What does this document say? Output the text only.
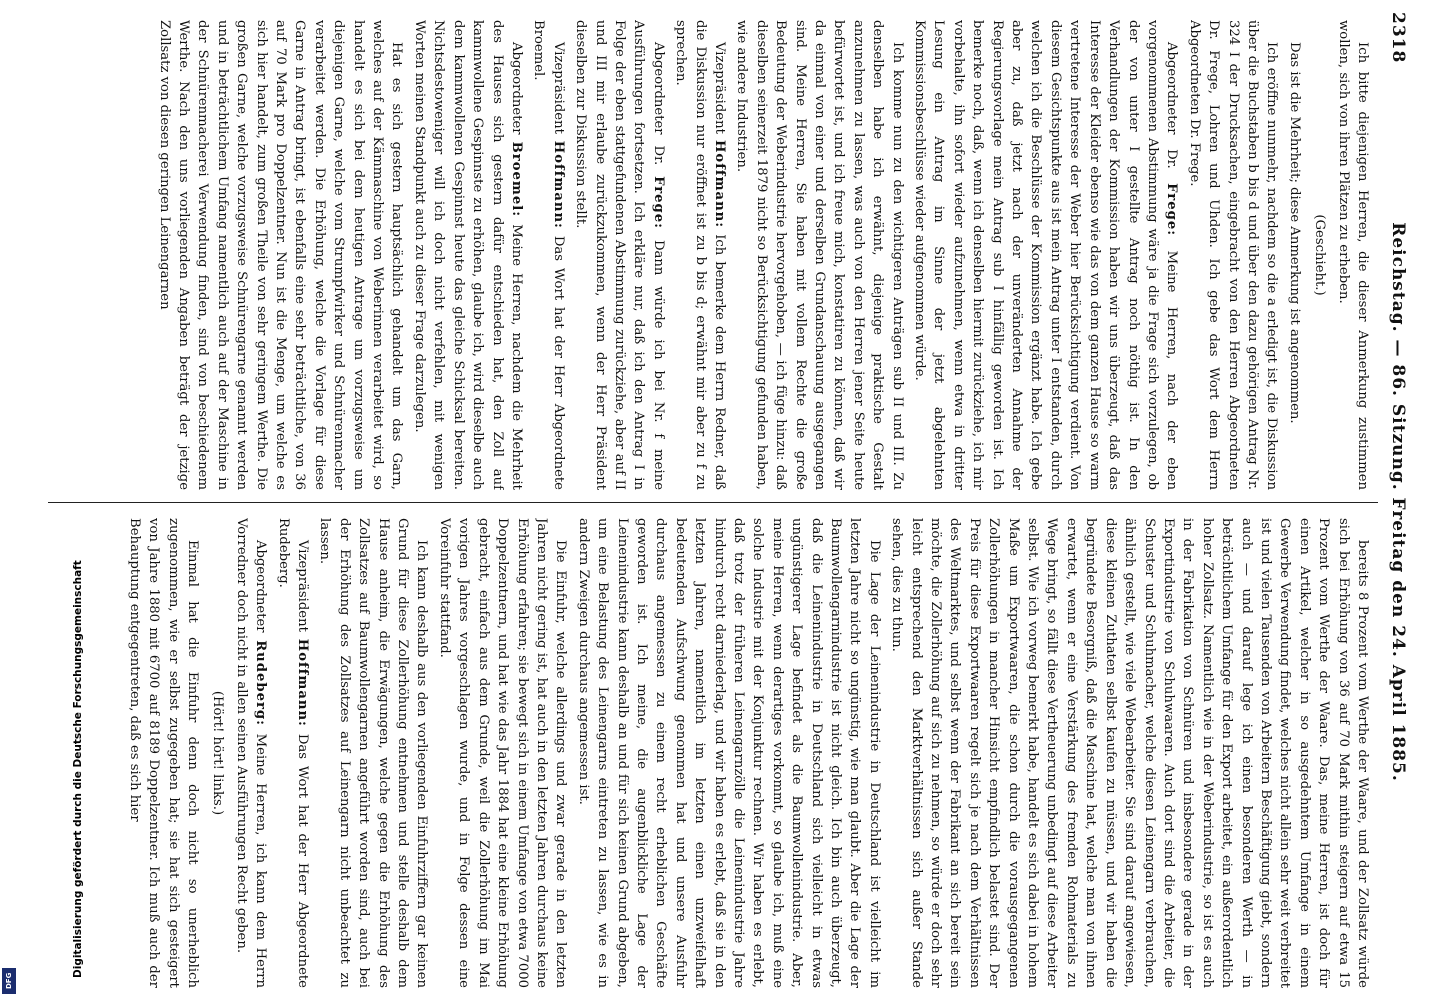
2318
Reichstag. — 86. Sitzung. Freitag den 24. April 1885.

Ich bitte diejenigen Herren, die dieser Anmerkung zustimmen wollen, sich von ihren Plätzen zu erheben.

(Geschieht.)

Das ist die Mehrheit; diese Anmerkung ist angenommen.

Ich eröffne nunmehr, nachdem so die a erledigt ist, die Diskussion über die Buchstaben b bis d und über den dazu gehörigen Antrag Nr. 324 I der Drucksachen, eingebracht von den Herren Abgeordneten Dr. Frege, Lohren und Uhden. Ich gebe das Wort dem Herrn Abgeordneten Dr. Frege.

Abgeordneter Dr. Frege: Meine Herren, nach der eben vorgenommenen Abstimmung wäre ja die Frage sich vorzulegen, ob der von unter I gestellte Antrag noch nöthig ist. In den Verhandlungen der Kommission haben wir uns überzeugt, daß das Interesse der Kleider ebenso wie das von dem ganzen Hause so warm vertretene Interesse der Weber hier Berücksichtigung verdient. Von diesem Gesichtspunkte aus ist mein Antrag unter I entstanden, durch welchen ich die Beschlüsse der Kommission ergänzt habe. Ich gebe aber zu, daß jetzt nach der unveränderten Annahme der Regierungsvorlage mein Antrag sub I hinfällig geworden ist. Ich bemerke noch, daß, wenn ich denselben hiermit zurückziehe, ich mir vorbehalte, ihn sofort wieder aufzunehmen, wenn etwa in dritter Lesung ein Antrag im Sinne der jetzt abgelehnten Kommissionsbeschlüsse wieder aufgenommen würde.

Ich komme nun zu den wichtigeren Anträgen sub II und III. Zu denselben habe ich erwähnt, diejenige praktische Gestalt anzunehmen zu lassen, was auch von den Herren jener Seite heute befürwortet ist, und ich freue mich, konstatiren zu können, daß wir da einmal von einer und derselben Grundanschauung ausgegangen sind. Meine Herren, Sie haben mit vollem Rechte die große Bedeutung der Weberindustrie hervorgehoben, — ich füge hinzu: daß dieselben seinerzeit 1879 nicht so Berücksichtigung gefunden haben, wie andere Industrien.

Vizepräsident Hoffmann: Ich bemerke dem Herrn Redner, daß die Diskussion nur eröffnet ist zu b bis d; erwähnt mir aber zu f zu sprechen.

Abgeordneter Dr. Frege: Dann würde ich bei Nr. f meine Ausführungen fortsetzen. Ich erkläre nur, daß ich den Antrag I in Folge der eben stattgefundenen Abstimmung zurückziehe, aber auf II und III mir erlaube zurückzukommen, wenn der Herr Präsident dieselben zur Diskussion stellt.

Vizepräsident Hoffmann: Das Wort hat der Herr Abgeordnete Broemel.

Abgeordneter Broemel: Meine Herren, nachdem die Mehrheit des Hauses sich gestern dafür entschieden hat, den Zoll auf kammwollene Gespinnste zu erhöhen, glaube ich, wird dieselbe auch dem kammwollenen Gespinnst heute das gleiche Schicksal bereiten. Nichtsdestoweniger will ich doch nicht verfehlen, mit wenigen Worten meinen Standpunkt auch zu dieser Frage darzulegen.

Hat es sich gestern hauptsächlich gehandelt um das Garn, welches auf der Kämmaschine von Weberinnen verarbeitet wird, so handelt es sich bei dem heutigen Antrage um vorzugsweise um diejenigen Garne, welche vom Strumpfwirker und Schnürenmacher verarbeitet werden. Die Erhöhung, welche die Vorlage für diese Garne in Antrag bringt, ist ebenfalls eine sehr beträchtliche, von 36 auf 70 Mark pro Doppelzentner. Nun ist die Menge, um welche es sich hier handelt, zum großen Theile von sehr geringem Werthe. Die großen Garne, welche vorzugsweise Schnürengarne genannt werden und in beträchtlichem Umfang namentlich auch auf der Maschine in der Schnürenmacherei Verwendung finden, sind von beschiedenem Werthe. Nach den uns vorliegenden Angaben beträgt der jetzige Zollsatz von diesen geringen Leinengarnen

bereits 8 Prozent vom Werthe der Waare, und der Zollsatz würde sich bei Erhöhung von 36 auf 70 Mark mithin steigern auf etwa 15 Prozent vom Werthe der Waare. Das, meine Herren, ist doch für einen Artikel, welcher in so ausgedehntem Umfange in einem Gewerbe Verwendung findet, welches nicht allein sehr weit verbreitet ist und vielen Tausenden von Arbeitern Beschäftigung giebt, sondern auch — und darauf lege ich einen besonderen Werth — in beträchtlichem Umfange für den Export arbeitet, ein außerordentlich hoher Zollsatz. Namentlich wie in der Weberindustrie, so ist es auch in der Fabrikation von Schnüren und insbesondere gerade in der Exportindustrie von Schuhwaaren. Auch dort sind die Arbeiter, die Schuster und Schuhmacher, welche diesen Leinengarn verbrauchen, ähnlich gestellt, wie viele Webearbeiter. Sie sind darauf angewiesen, diese kleinen Zuthaten selbst kaufen zu müssen, und wir haben die begründete Besorgniß, daß die Maschine hat, welche man von ihnen erwartet, wenn er eine Verstärkung des fremden Rohmaterials zu Wege bringt, so fällt diese Vertheuerung unbedingt auf diese Arbeiter selbst. Wie ich vorweg bemerkt habe, handelt es sich dabei in hohem Maße um Exportwaaren, die schon durch die vorausgegangenen Zollerhöhungen in mancher Hinsicht empfindlich belastet sind. Der Preis für diese Exportwaaren regelt sich je nach dem Verhältnissen des Weltmarktes, und selbst wenn der Fabrikant an sich bereit sein möchte, die Zollerhöhung auf sich zu nehmen, so würde er doch sehr leicht entsprechend den Marktverhältnissen sich außer Stande sehen, dies zu thun.

Die Lage der Leinenindustrie in Deutschland ist vielleicht im letzten Jahre nicht so ungünstig, wie man glaubt. Aber die Lage der Baumwollengarnindustrie ist nicht gleich. Ich bin auch überzeugt, daß die Leinenindustrie in Deutschland sich vielleicht in etwas ungünstigerer Lage befindet als die Baumwollenindustrie. Aber, meine Herren, wenn derartiges vorkommt, so glaube ich, muß eine solche Industrie mit der Konjunktur rechnen. Wir haben es erlebt, daß trotz der früheren Leinengarnzölle die Leinenindustrie Jahre hindurch recht darniederlag, und wir haben es erlebt, daß sie in den letzten Jahren, namentlich im letzten einen unzweifelhaft bedeutenden Aufschwung genommen hat und unsere Ausfuhr durchaus angemessen zu einem recht erheblichen Geschäfte geworden ist. Ich meine, die augenblickliche Lage der Leinenindustrie kann deshalb an und für sich keinen Grund abgeben, um eine Belastung des Leinengarns eintreten zu lassen, wie es in andern Zweigen durchaus angemessen ist.

Die Einfuhr, welche allerdings und zwar gerade in den letzten Jahren nicht gering ist, hat auch in den letzten Jahren durchaus keine Erhöhung erfahren; sie bewegt sich in einem Umfange von etwa 7000 Doppelzentnern, und hat wie das Jahr 1884 hat eine kleine Erhöhung gebracht, einfach aus dem Grunde, weil die Zollerhöhung im Mai vorigen Jahres vorgeschlagen wurde, und in Folge dessen eine Voreinfuhr stattfand.

Ich kann deshalb aus den vorliegenden Einfuhrziffern gar keinen Grund für diese Zollerhöhung entnehmen und stelle deshalb dem Hause anheim, die Erwägungen, welche gegen die Erhöhung des Zollsatzes auf Baumwollengarnen angeführt worden sind, auch bei der Erhöhung des Zollsatzes auf Leinengarn nicht unbeachtet zu lassen.

Vizepräsident Hoffmann: Das Wort hat der Herr Abgeordnete Rudeberg.

Abgeordneter Rudeberg: Meine Herren, ich kann dem Herrn Vorredner doch nicht in allen seinen Ausführungen Recht geben.

(Hört! hört! links.)

Einmal hat die Einfuhr denn doch nicht so unerheblich zugenommen, wie er selbst zugegeben hat; sie hat sich gesteigert von Jahre 1880 mit 6700 auf 8189 Doppelzentner. Ich muß auch der Behauptung entgegentreten, daß es sich hier

Digitalisierung gefördert durch die Deutsche Forschungsgemeinschaft
DFG
